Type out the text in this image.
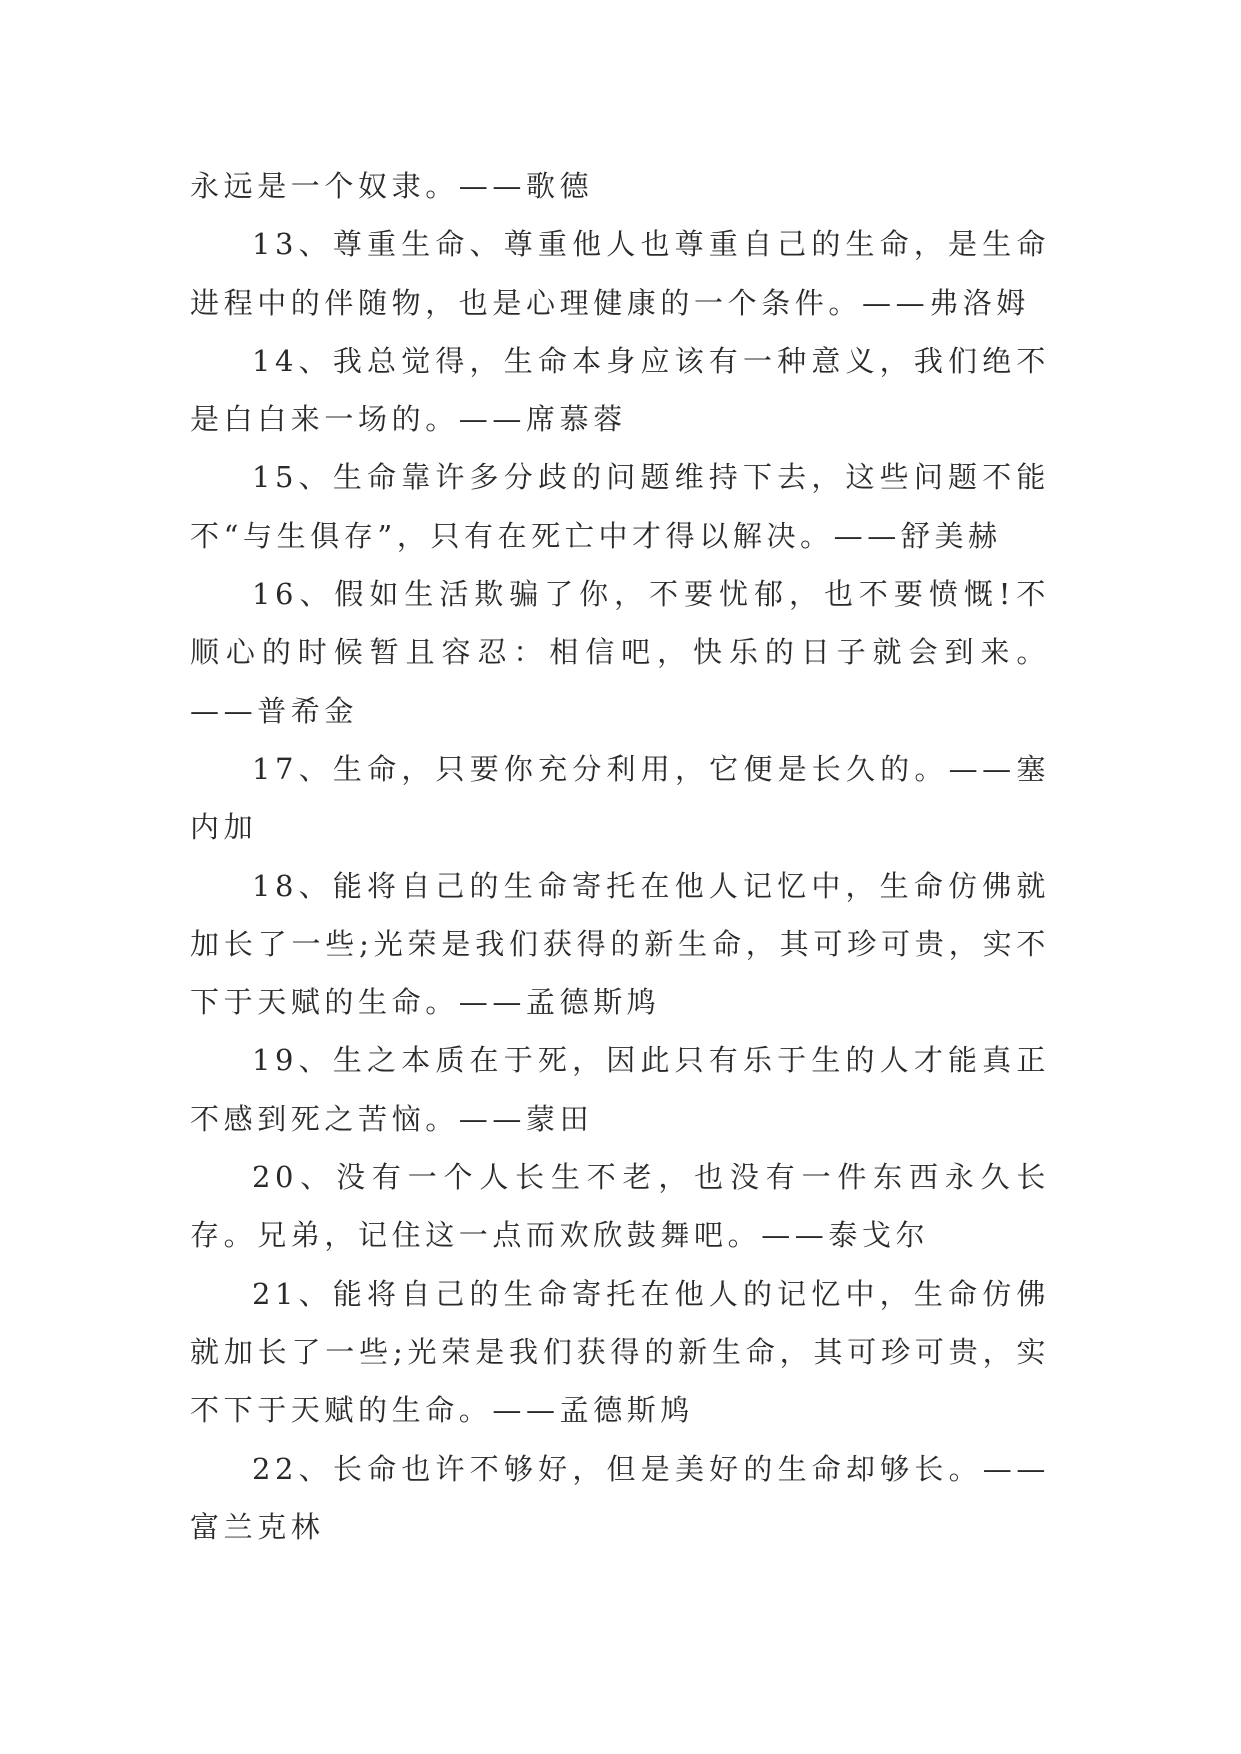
永远是一个奴隶。——歌德

13、尊重生命、尊重他人也尊重自己的生命，是生命进程中的伴随物，也是心理健康的一个条件。——弗洛姆

14、我总觉得，生命本身应该有一种意义，我们绝不是白白来一场的。——席慕蓉

15、生命靠许多分歧的问题维持下去，这些问题不能不“与生俱存”，只有在死亡中才得以解决。——舒美赫

16、假如生活欺骗了你，不要忧郁，也不要愤慨!不顺心的时候暂且容忍：相信吧，快乐的日子就会到来。——普希金

17、生命，只要你充分利用，它便是长久的。——塞内加

18、能将自己的生命寄托在他人记忆中，生命仿佛就加长了一些;光荣是我们获得的新生命，其可珍可贵，实不下于天赋的生命。——孟德斯鸠

19、生之本质在于死，因此只有乐于生的人才能真正不感到死之苦恼。——蒙田

20、没有一个人长生不老，也没有一件东西永久长存。兄弟，记住这一点而欢欣鼓舞吧。——泰戈尔

21、能将自己的生命寄托在他人的记忆中，生命仿佛就加长了一些;光荣是我们获得的新生命，其可珍可贵，实不下于天赋的生命。——孟德斯鸠

22、长命也许不够好，但是美好的生命却够长。——富兰克林
